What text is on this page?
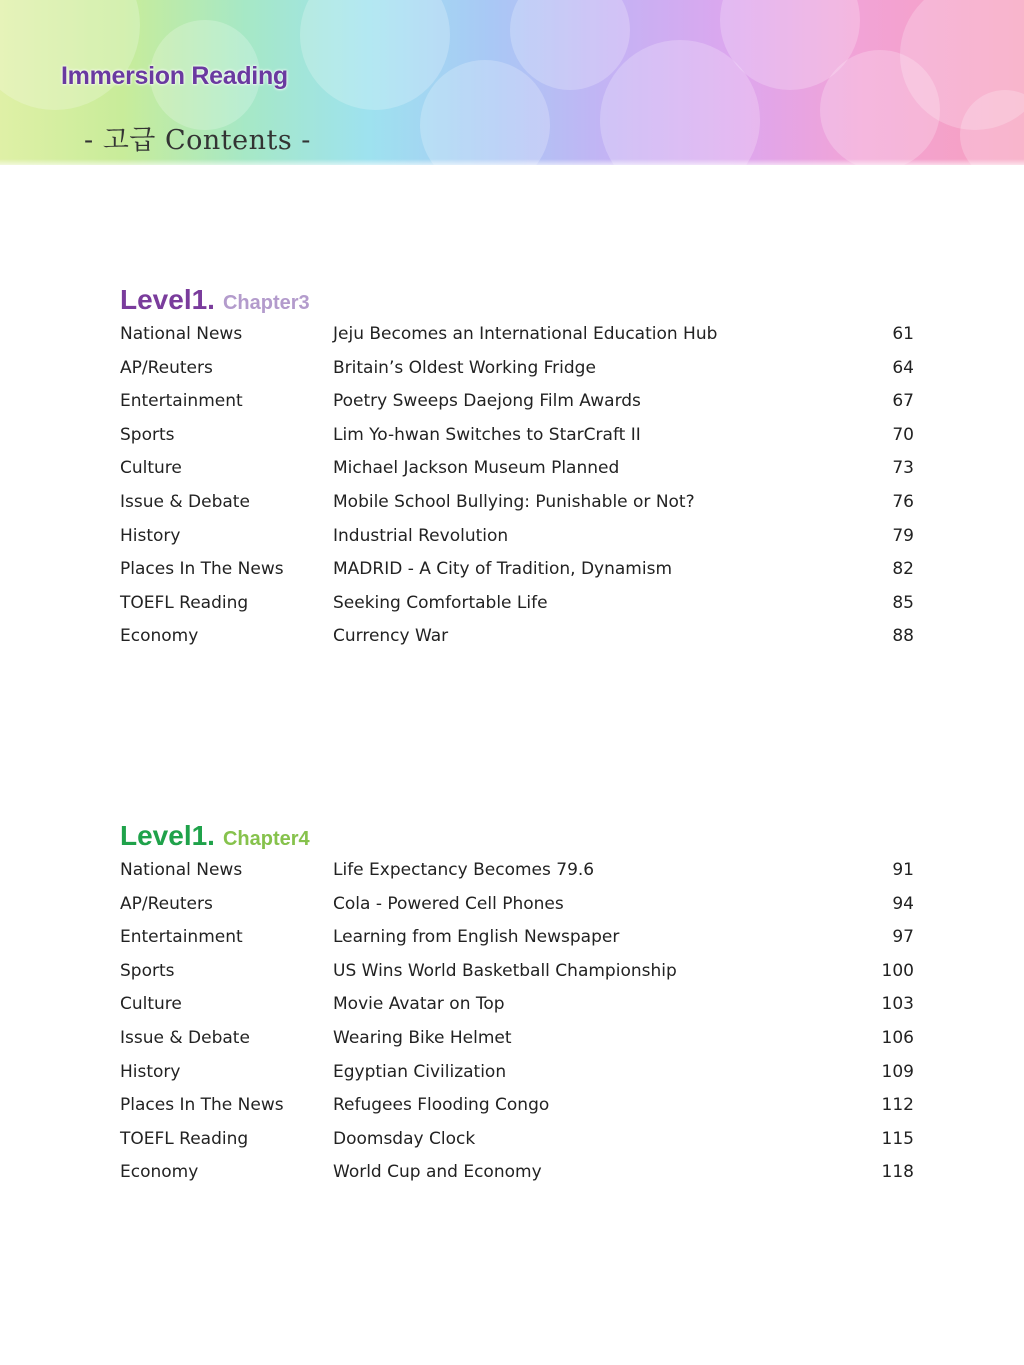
Immersion Reading
- 고급 Contents -
Level1. Chapter3
National News	Jeju Becomes an International Education Hub	61
AP/Reuters	Britain’s Oldest Working Fridge	64
Entertainment	Poetry Sweeps Daejong Film Awards	67
Sports	Lim Yo-hwan Switches to StarCraft II	70
Culture	Michael Jackson Museum Planned	73
Issue & Debate	Mobile School Bullying: Punishable or Not?	76
History	Industrial Revolution	79
Places In The News	MADRID - A City of Tradition, Dynamism	82
TOEFL Reading	Seeking Comfortable Life	85
Economy	Currency War	88
Level1. Chapter4
National News	Life Expectancy Becomes 79.6	91
AP/Reuters	Cola - Powered Cell Phones	94
Entertainment	Learning from English Newspaper	97
Sports	US Wins World Basketball Championship	100
Culture	Movie Avatar on Top	103
Issue & Debate	Wearing Bike Helmet	106
History	Egyptian Civilization	109
Places In The News	Refugees Flooding Congo	112
TOEFL Reading	Doomsday Clock	115
Economy	World Cup and Economy	118
